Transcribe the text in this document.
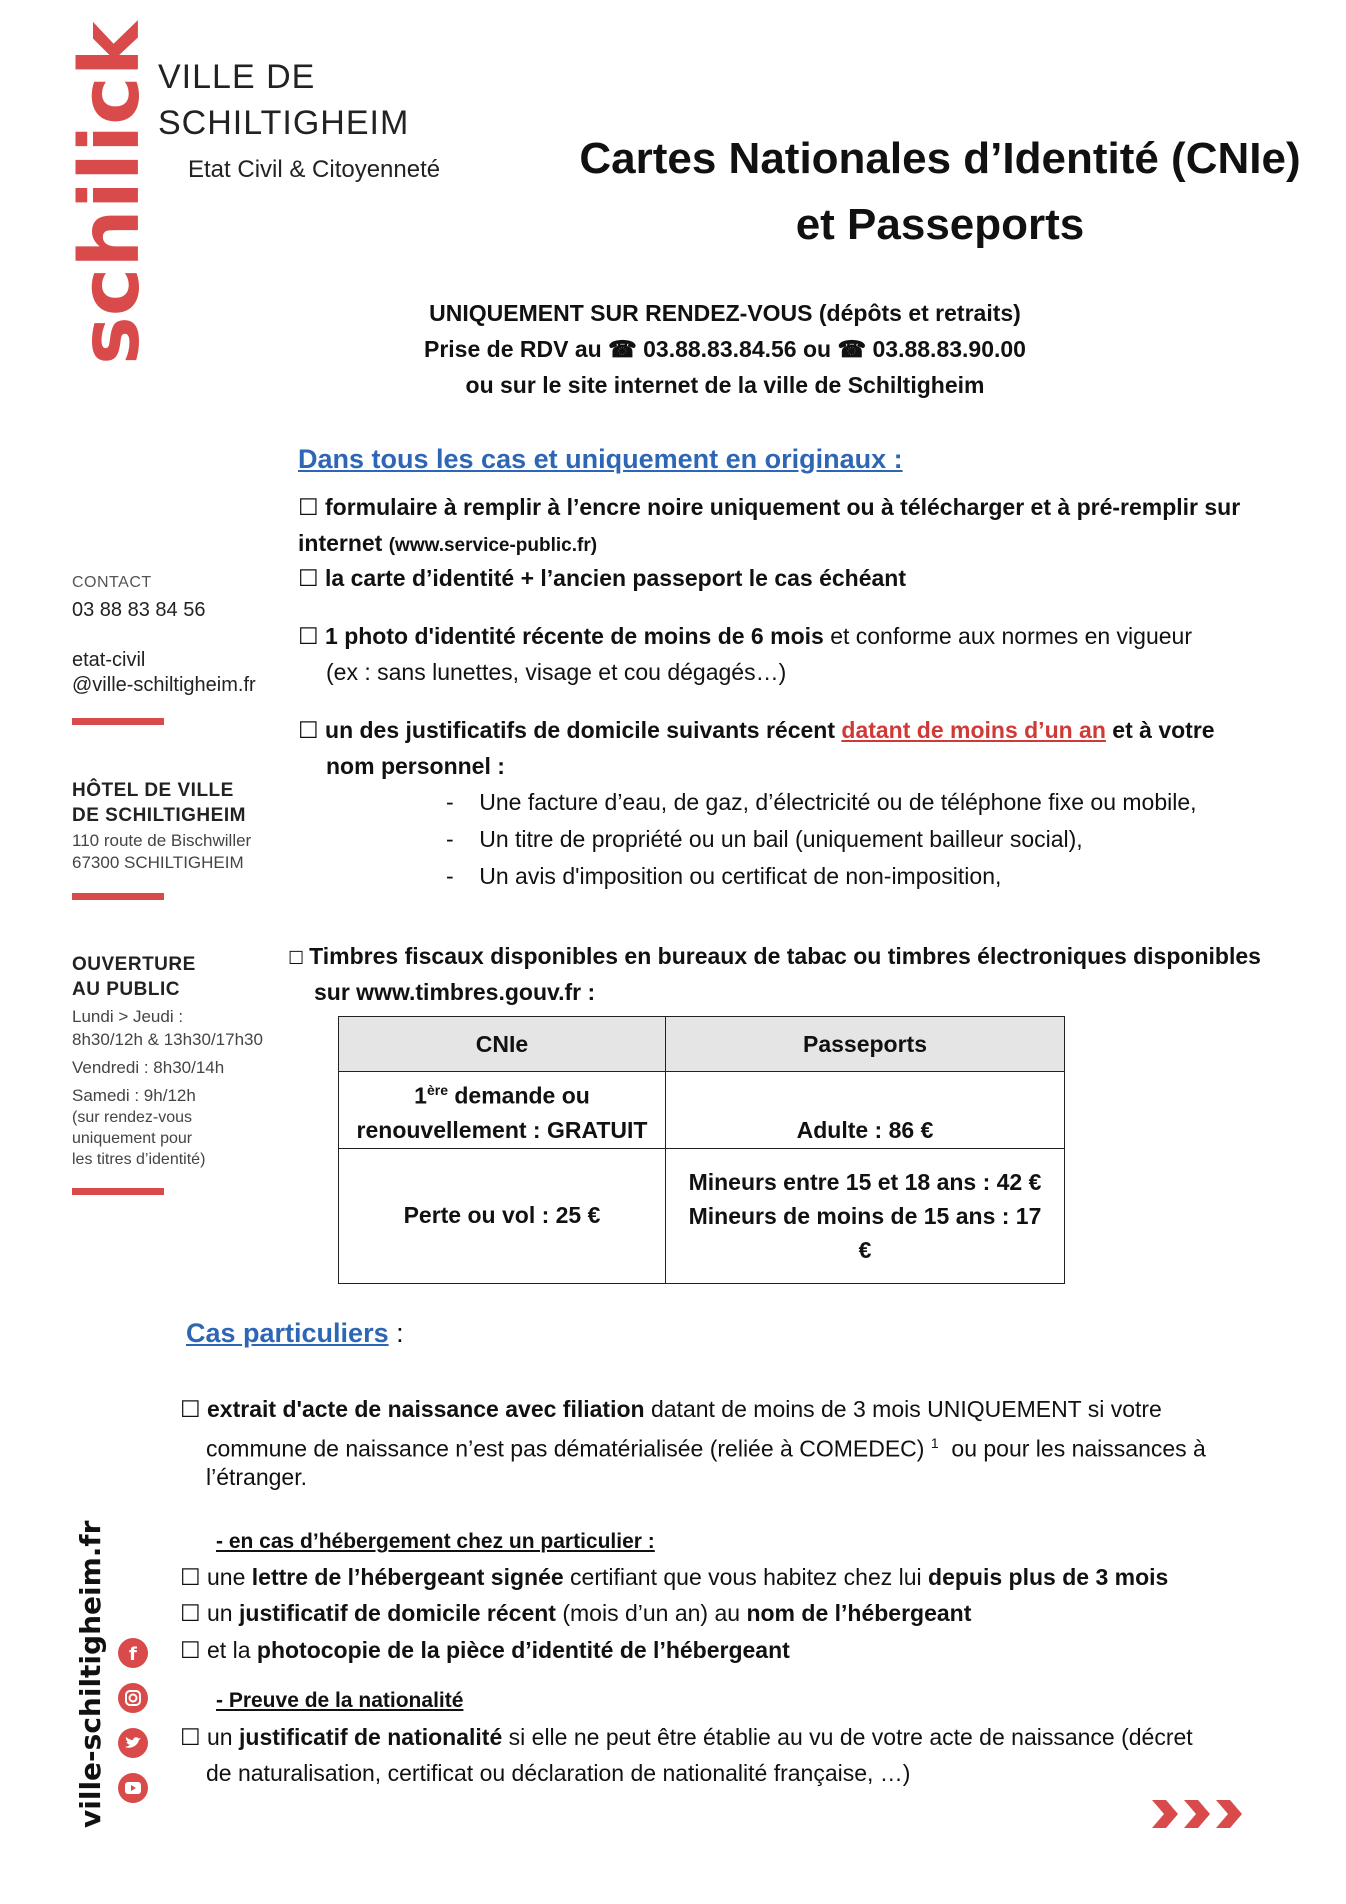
schilick VILLE DE
SCHILTIGHEIM
Etat Civil & Citoyenneté	Cartes Nationales d’Identité (CNIe)
et Passeports
UNIQUEMENT SUR RENDEZ-VOUS (dépôts et retraits)
Prise de RDV au ☎ 03.88.83.84.56 ou ☎ 03.88.83.90.00
ou sur le site internet de la ville de Schiltigheim
CONTACT
03 88 83 84 56
etat-civil
@ville-schiltigheim.fr
HÔTEL DE VILLE
DE SCHILTIGHEIM
110 route de Bischwiller
67300 SCHILTIGHEIM
OUVERTURE
AU PUBLIC
Lundi > Jeudi :
8h30/12h & 13h30/17h30
Vendredi : 8h30/14h
Samedi : 9h/12h
(sur rendez-vous
uniquement pour
les titres d’identité)
Dans tous les cas et uniquement en originaux :
☐ formulaire à remplir à l’encre noire uniquement ou à télécharger et à pré-remplir sur
internet (www.service-public.fr)
☐ la carte d’identité + l’ancien passeport le cas échéant
☐ 1 photo d'identité récente de moins de 6 mois et conforme aux normes en vigueur
(ex : sans lunettes, visage et cou dégagés…)
☐ un des justificatifs de domicile suivants récent datant de moins d’un an et à votre
nom personnel :
-    Une facture d’eau, de gaz, d’électricité ou de téléphone fixe ou mobile,
-    Un titre de propriété ou un bail (uniquement bailleur social),
-    Un avis d'imposition ou certificat de non-imposition,
☐ Timbres fiscaux disponibles en bureaux de tabac ou timbres électroniques disponibles
sur www.timbres.gouv.fr :
CNIe	Passeports
1ère demande ou
renouvellement : GRATUIT	Adulte : 86 €
Perte ou vol : 25 €	Mineurs entre 15 et 18 ans : 42 €
Mineurs de moins de 15 ans : 17
€
Cas particuliers :
☐ extrait d'acte de naissance avec filiation datant de moins de 3 mois UNIQUEMENT si votre
commune de naissance n’est pas dématérialisée (reliée à COMEDEC) $^1$ ou pour les naissances à
l’étranger.
- en cas d’hébergement chez un particulier :
☐ une lettre de l’hébergeant signée certifiant que vous habitez chez lui depuis plus de 3 mois
☐ un justificatif de domicile récent (mois d’un an) au nom de l’hébergeant
☐ et la photocopie de la pièce d’identité de l’hébergeant
- Preuve de la nationalité
☐ un justificatif de nationalité si elle ne peut être établie au vu de votre acte de naissance (décret
de naturalisation, certificat ou déclaration de nationalité française, …)
ville-schiltigheim.fr f
